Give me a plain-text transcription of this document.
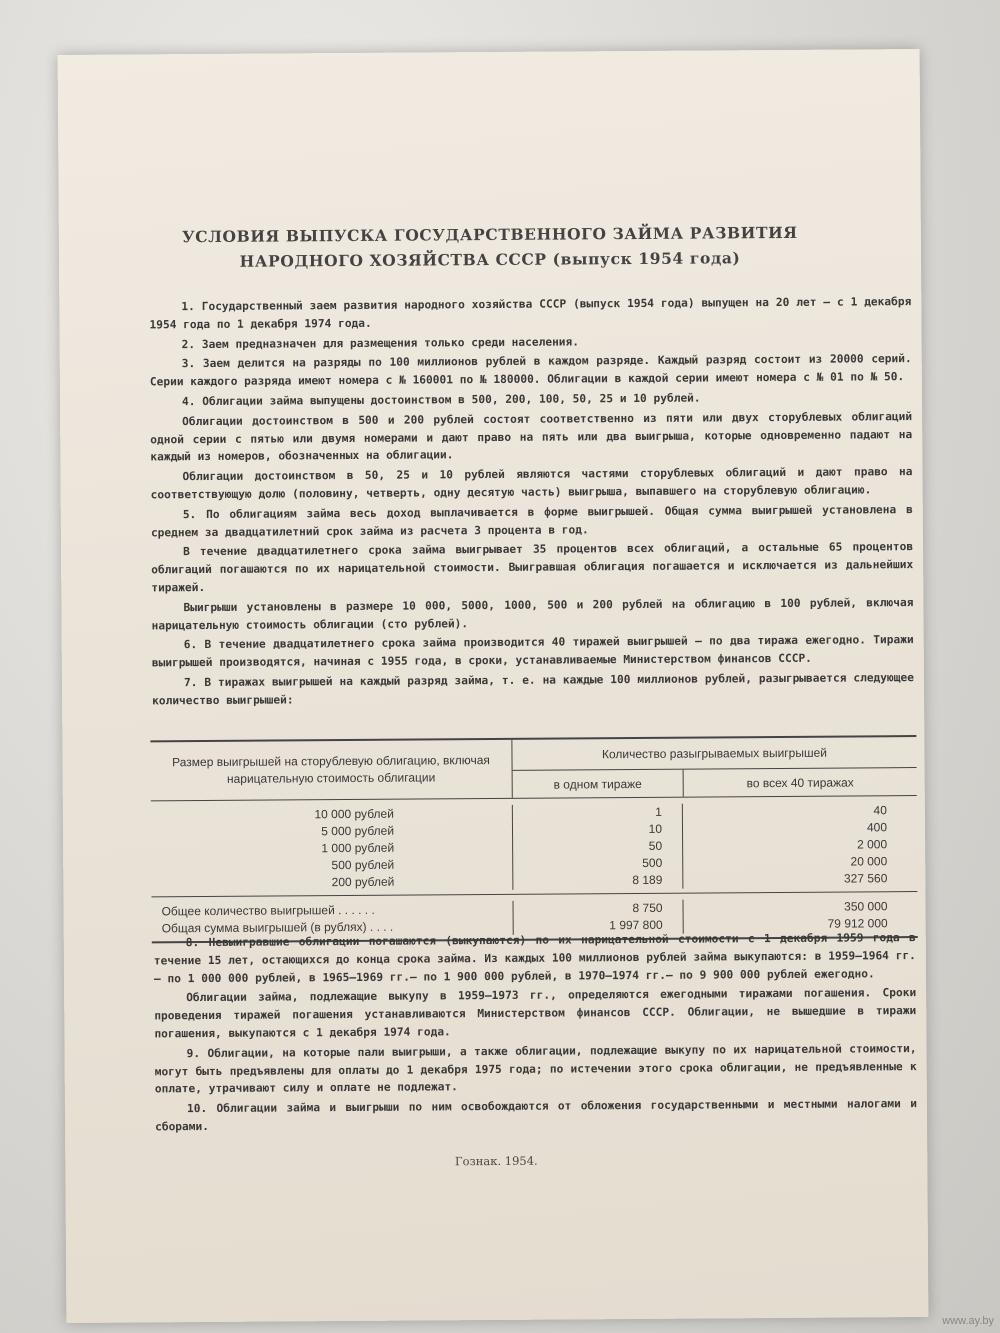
УСЛОВИЯ ВЫПУСКА ГОСУДАРСТВЕННОГО ЗАЙМА РАЗВИТИЯ
НАРОДНОГО ХОЗЯЙСТВА СССР (выпуск 1954 года)

1. Государственный заем развития народного хозяйства СССР (выпуск 1954 года) выпущен на 20 лет — с 1 декабря 1954 года по 1 декабря 1974 года.

2. Заем предназначен для размещения только среди населения.

3. Заем делится на разряды по 100 миллионов рублей в каждом разряде. Каждый разряд состоит из 20000 серий. Серии каждого разряда имеют номера с № 160001 по № 180000. Облигации в каждой серии имеют номера с № 01 по № 50.

4. Облигации займа выпущены достоинством в 500, 200, 100, 50, 25 и 10 рублей.

Облигации достоинством в 500 и 200 рублей состоят соответственно из пяти или двух сторублевых облигаций одной серии с пятью или двумя номерами и дают право на пять или два выигрыша, которые одновременно падают на каждый из номеров, обозначенных на облигации.

Облигации достоинством в 50, 25 и 10 рублей являются частями сторублевых облигаций и дают право на соответствующую долю (половину, четверть, одну десятую часть) выигрыша, выпавшего на сторублевую облигацию.

5. По облигациям займа весь доход выплачивается в форме выигрышей. Общая сумма выигрышей установлена в среднем за двадцатилетний срок займа из расчета 3 процента в год.

В течение двадцатилетнего срока займа выигрывает 35 процентов всех облигаций, а остальные 65 процентов облигаций погашаются по их нарицательной стоимости. Выигравшая облигация погашается и исключается из дальнейших тиражей.

Выигрыши установлены в размере 10 000, 5000, 1000, 500 и 200 рублей на облигацию в 100 рублей, включая нарицательную стоимость облигации (сто рублей).

6. В течение двадцатилетнего срока займа производится 40 тиражей выигрышей — по два тиража ежегодно. Тиражи выигрышей производятся, начиная с 1955 года, в сроки, устанавливаемые Министерством финансов СССР.

7. В тиражах выигрышей на каждый разряд займа, т. е. на каждые 100 миллионов рублей, разыгрывается следующее количество выигрышей:

Размер выигрышей на сторублевую облигацию, включая нарицательную стоимость облигации
Количество разыгрываемых выигрышей
в одном тираже	во всех 40 тиражах
10 000 рублей	1	40
5 000 рублей	10	400
1 000 рублей	50	2 000
500 рублей	500	20 000
200 рублей	8 189	327 560
Общее количество выигрышей . . . . . .	8 750	350 000
Общая сумма выигрышей (в рублях) . . . .	1 997 800	79 912 000

8. Невыигравшие облигации погашаются (выкупаются) по их нарицательной стоимости с 1 декабря 1959 года в течение 15 лет, остающихся до конца срока займа. Из каждых 100 миллионов рублей займа выкупаются: в 1959—1964 гг.— по 1 000 000 рублей, в 1965—1969 гг.— по 1 900 000 рублей, в 1970—1974 гг.— по 9 900 000 рублей ежегодно.

Облигации займа, подлежащие выкупу в 1959—1973 гг., определяются ежегодными тиражами погашения. Сроки проведения тиражей погашения устанавливаются Министерством финансов СССР. Облигации, не вышедшие в тиражи погашения, выкупаются с 1 декабря 1974 года.

9. Облигации, на которые пали выигрыши, а также облигации, подлежащие выкупу по их нарицательной стоимости, могут быть предъявлены для оплаты до 1 декабря 1975 года; по истечении этого срока облигации, не предъявленные к оплате, утрачивают силу и оплате не подлежат.

10. Облигации займа и выигрыши по ним освобождаются от обложения государственными и местными налогами и сборами.

Гознак. 1954.
www.ay.by
